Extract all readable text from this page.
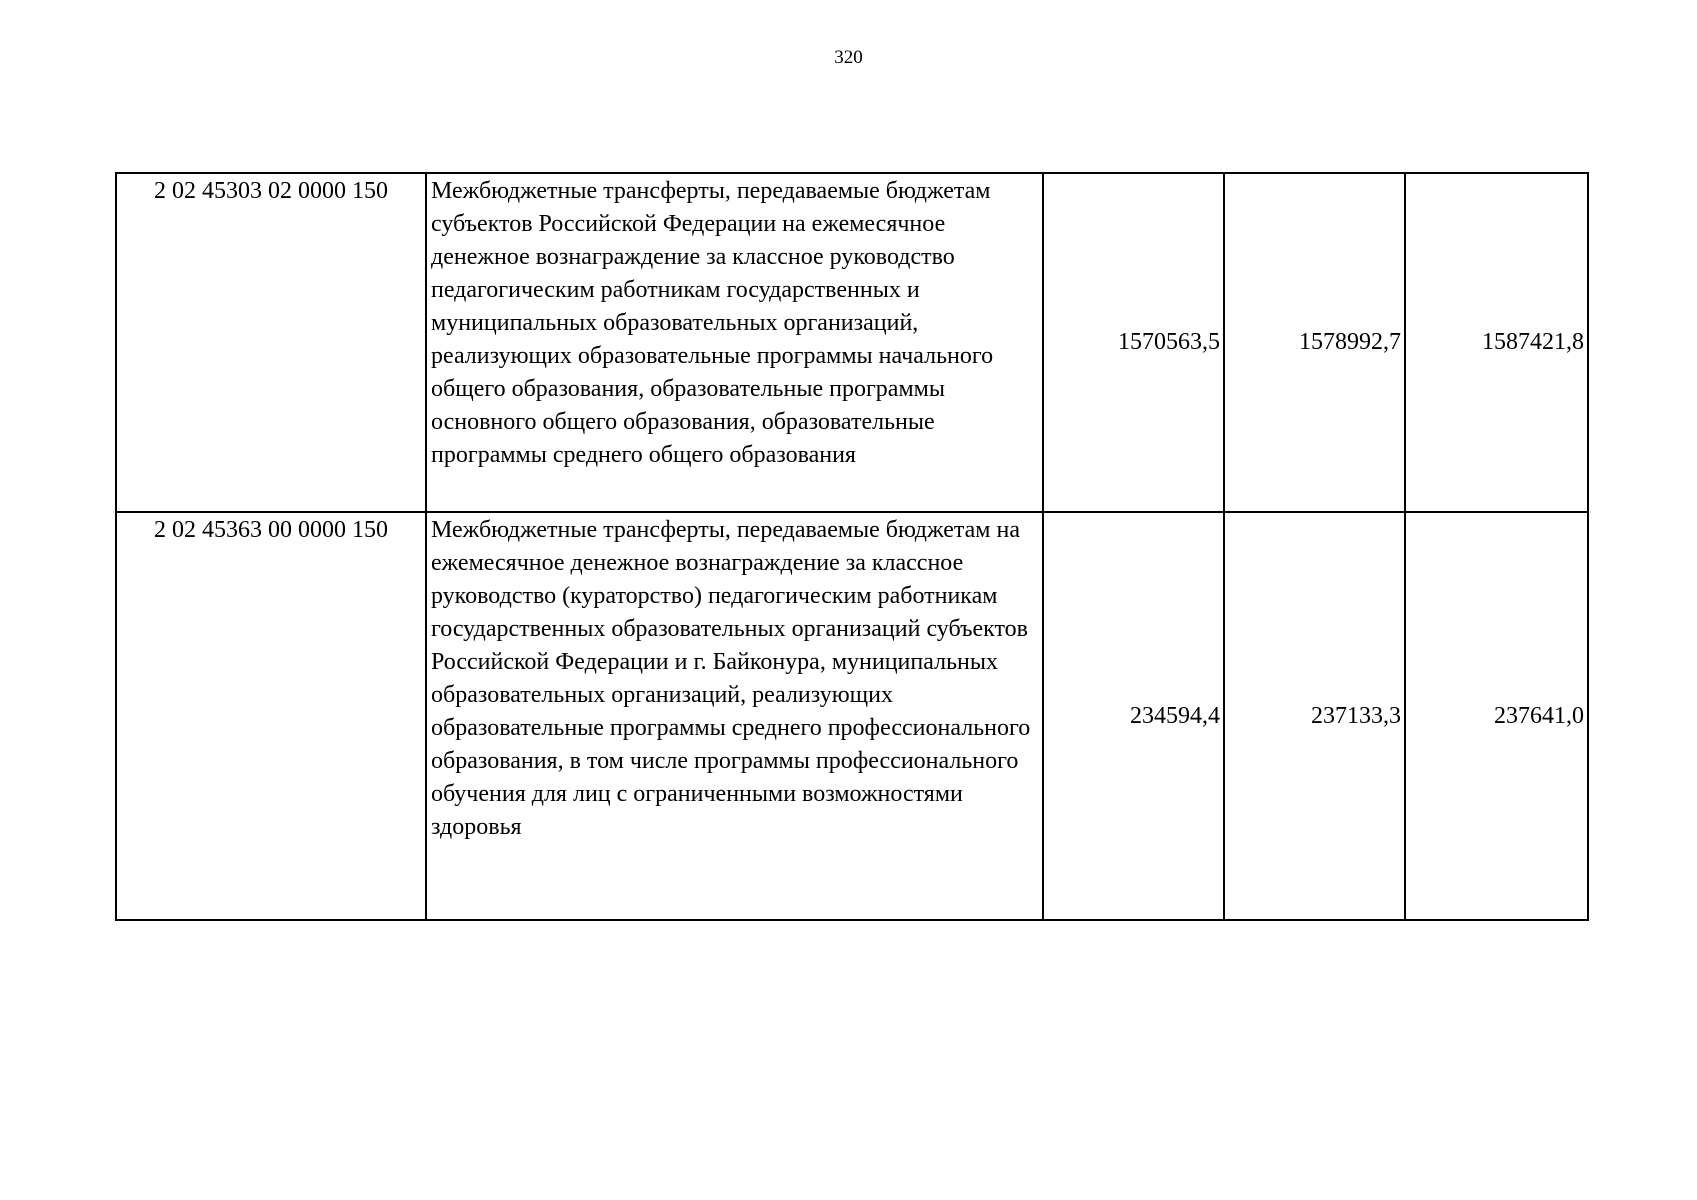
320
2 02 45303 02 0000 150	Межбюджетные трансферты, передаваемые бюджетам субъектов Российской Федерации на ежемесячное денежное вознаграждение за классное руководство педагогическим работникам государственных и муниципальных образовательных организаций, реализующих образовательные программы начального общего образования, образовательные программы основного общего образования, образовательные программы среднего общего образования	1570563,5	1578992,7	1587421,8
2 02 45363 00 0000 150	Межбюджетные трансферты, передаваемые бюджетам на ежемесячное денежное вознаграждение за классное руководство (кураторство) педагогическим работникам государственных образовательных организаций субъектов Российской Федерации и г. Байконура, муниципальных образовательных организаций, реализующих образовательные программы среднего профессионального образования, в том числе программы профессионального обучения для лиц с ограниченными возможностями здоровья	234594,4	237133,3	237641,0
